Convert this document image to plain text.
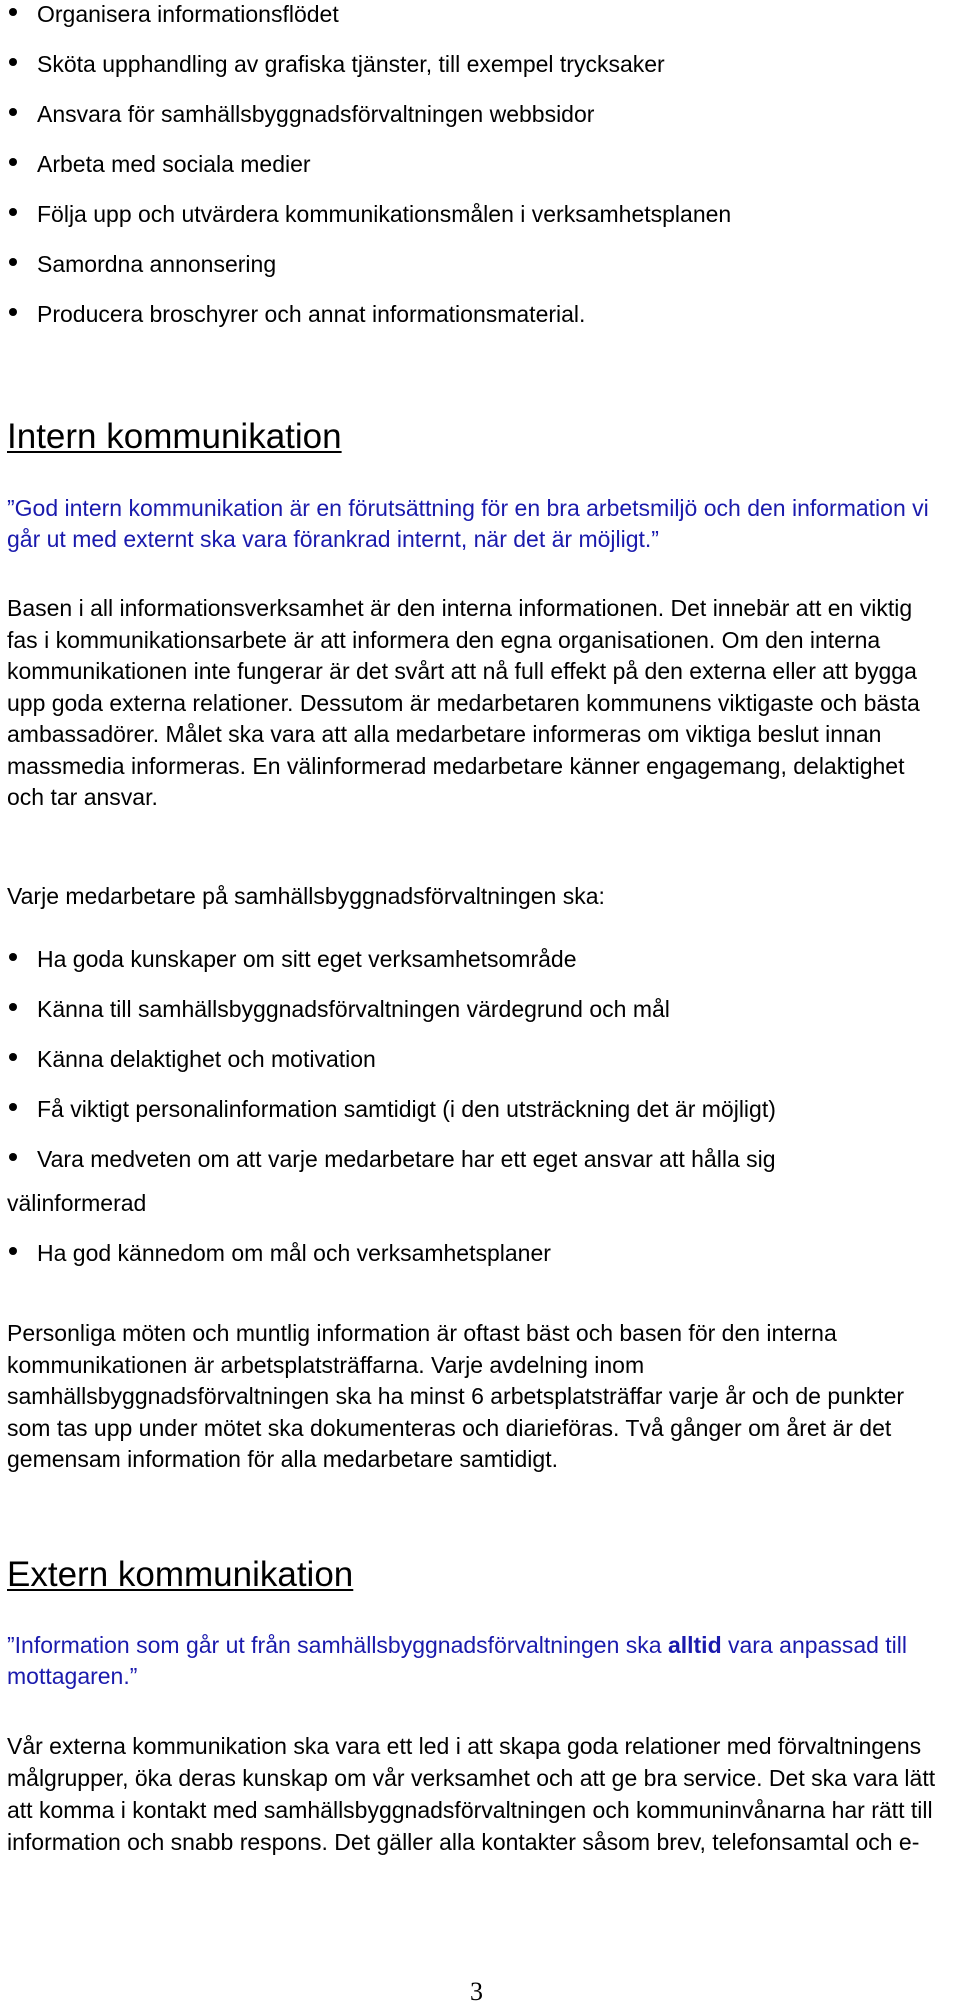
Organisera informationsflödet
Sköta upphandling av grafiska tjänster, till exempel trycksaker
Ansvara för samhällsbyggnadsförvaltningen webbsidor
Arbeta med sociala medier
Följa upp och utvärdera kommunikationsmålen i verksamhetsplanen
Samordna annonsering
Producera broschyrer och annat informationsmaterial.
Intern kommunikation

”God intern kommunikation är en förutsättning för en bra arbetsmiljö och den information vi går ut med externt ska vara förankrad internt, när det är möjligt.”

Basen i all informationsverksamhet är den interna informationen. Det innebär att en viktig fas i kommunikationsarbete är att informera den egna organisationen. Om den interna kommunikationen inte fungerar är det svårt att nå full effekt på den externa eller att bygga upp goda externa relationer. Dessutom är medarbetaren kommunens viktigaste och bästa ambassadörer. Målet ska vara att alla medarbetare informeras om viktiga beslut innan massmedia informeras. En välinformerad medarbetare känner engagemang, delaktighet och tar ansvar.

Varje medarbetare på samhällsbyggnadsförvaltningen ska:

Ha goda kunskaper om sitt eget verksamhetsområde
Känna till samhällsbyggnadsförvaltningen värdegrund och mål
Känna delaktighet och motivation
Få viktigt personalinformation samtidigt (i den utsträckning det är möjligt)
Vara medveten om att varje medarbetare har ett eget ansvar att hålla sig
välinformerad
Ha god kännedom om mål och verksamhetsplaner

Personliga möten och muntlig information är oftast bäst och basen för den interna kommunikationen är arbetsplatsträffarna. Varje avdelning inom samhällsbyggnadsförvaltningen ska ha minst 6 arbetsplatsträffar varje år och de punkter som tas upp under mötet ska dokumenteras och diarieföras. Två gånger om året är det gemensam information för alla medarbetare samtidigt.

Extern kommunikation

”Information som går ut från samhällsbyggnadsförvaltningen ska alltid vara anpassad till mottagaren.”

Vår externa kommunikation ska vara ett led i att skapa goda relationer med förvaltningens målgrupper, öka deras kunskap om vår verksamhet och att ge bra service. Det ska vara lätt att komma i kontakt med samhällsbyggnadsförvaltningen och kommuninvånarna har rätt till information och snabb respons. Det gäller alla kontakter såsom brev, telefonsamtal och e-

3
